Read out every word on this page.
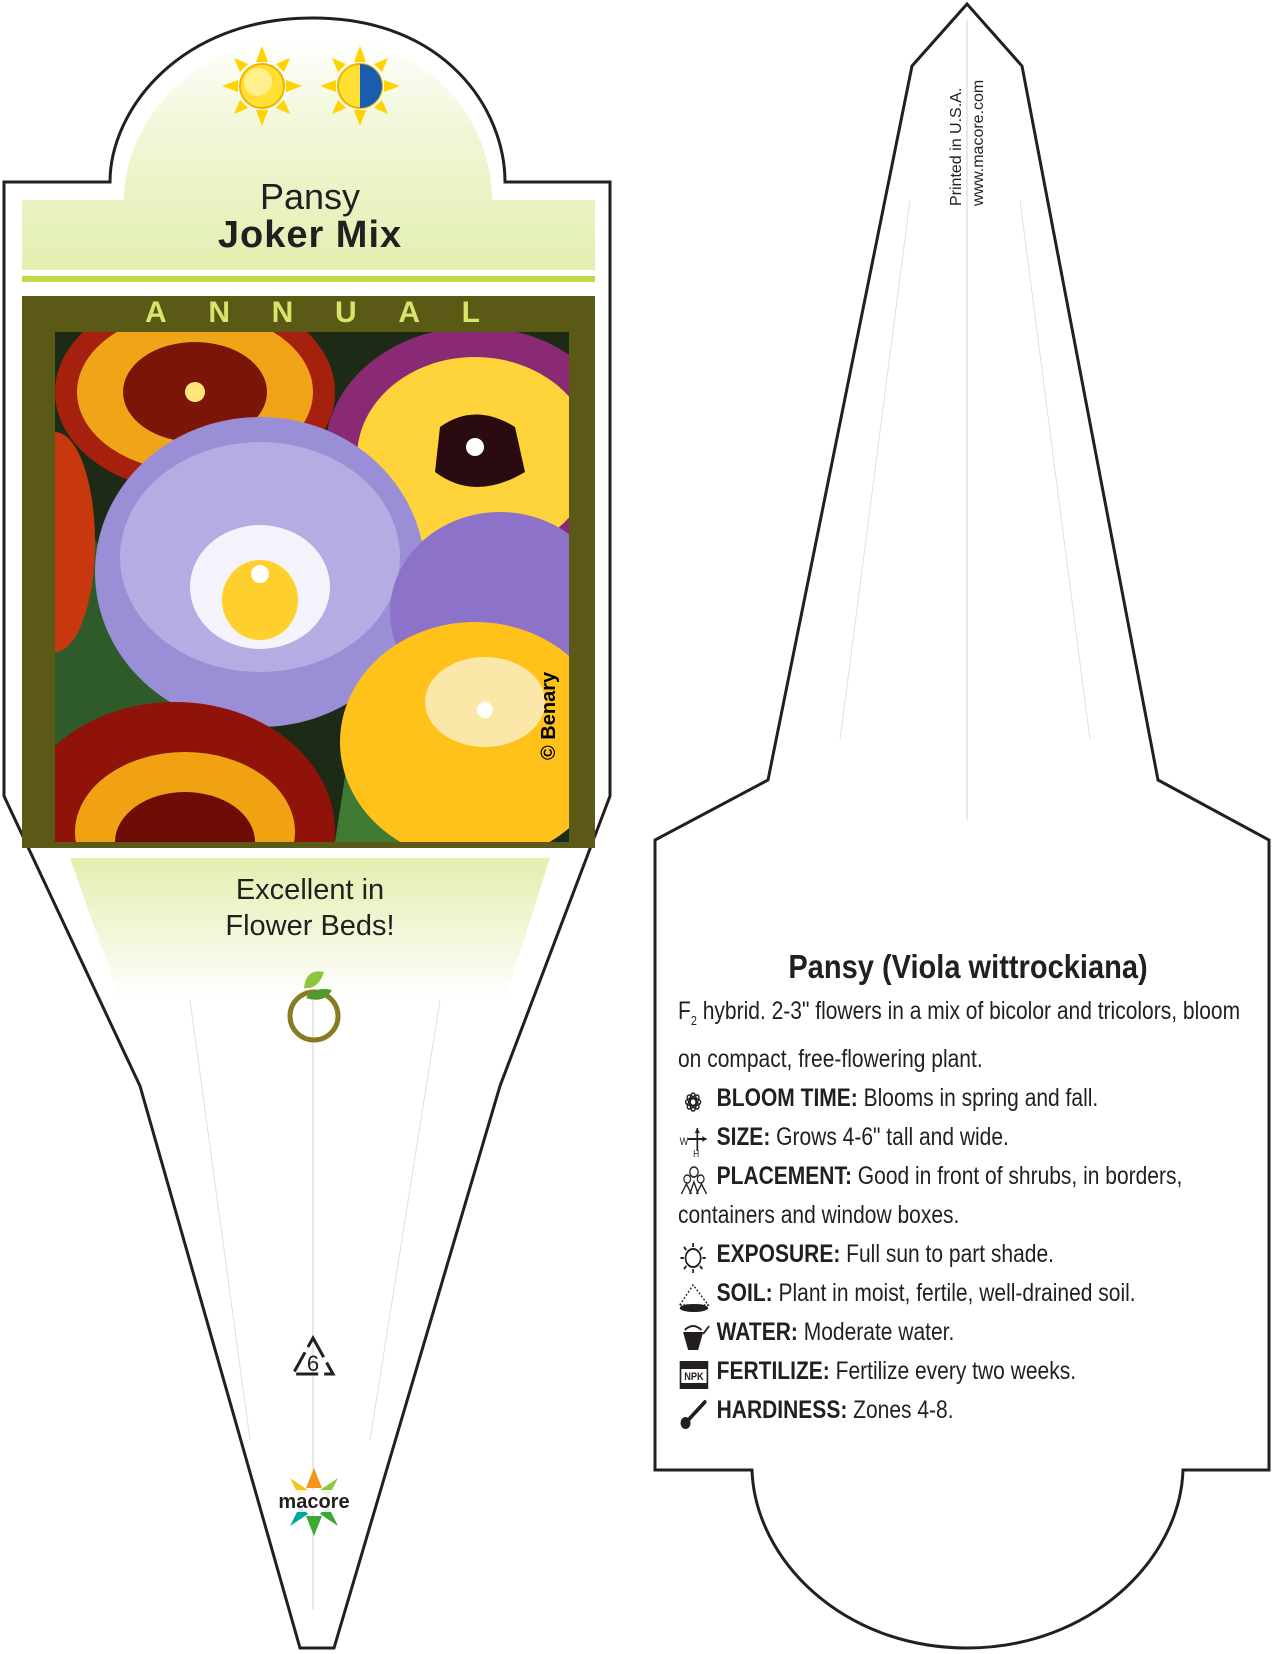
Pansy
Joker Mix
A N N U A L
© Benary
Excellent in
Flower Beds!
6
macore
Printed in U.S.A. www.macore.com
Pansy (Viola wittrockiana)
$F_2$ hybrid. 2-3" flowers in a mix of bicolor and tricolors, bloom on compact, free-flowering plant.
BLOOM TIME: Blooms in spring and fall.
W
H
SIZE: Grows 4-6" tall and wide.
PLACEMENT: Good in front of shrubs, in borders, containers and window boxes.
EXPOSURE: Full sun to part shade.
SOIL: Plant in moist, fertile, well-drained soil.
WATER: Moderate water.
NPK FERTILIZE: Fertilize every two weeks.
HARDINESS: Zones 4-8.
